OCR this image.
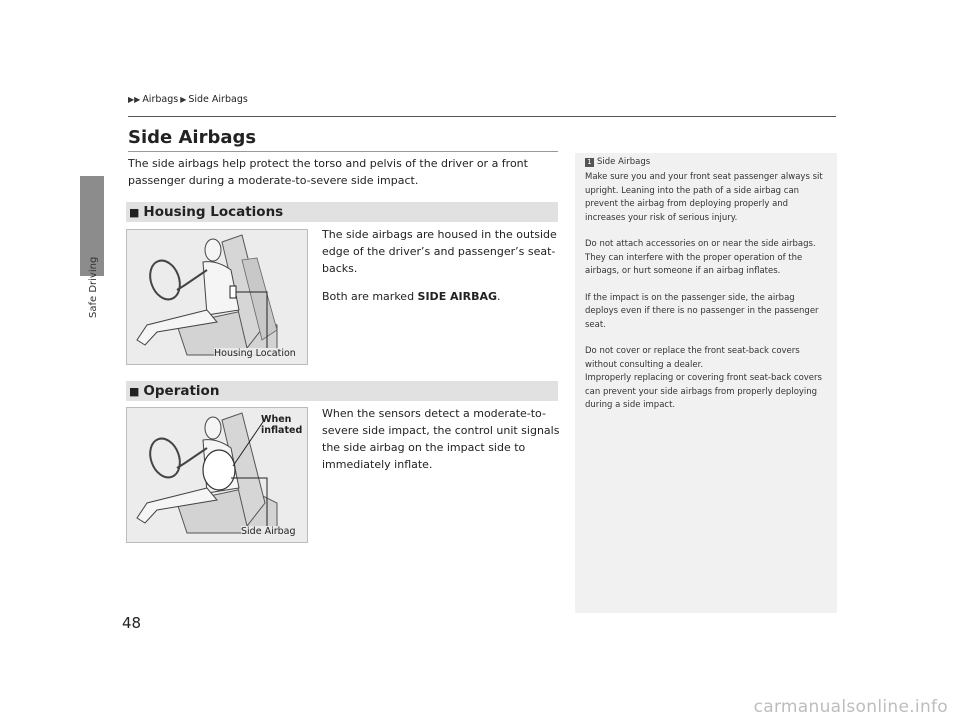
Safe Driving
▶▶ Airbags ▶ Side Airbags
Side Airbags

The side airbags help protect the torso and pelvis of the driver or a front passenger during a moderate-to-severe side impact.

■ Housing Locations
Housing Location

The side airbags are housed in the outside edge of the driver’s and passenger’s seat-backs.

Both are marked SIDE AIRBAG.

■ Operation
When inflated
Side Airbag

When the sensors detect a moderate-to-severe side impact, the control unit signals the side airbag on the impact side to immediately inflate.

1 Side Airbags

Make sure you and your front seat passenger always sit upright. Leaning into the path of a side airbag can prevent the airbag from deploying properly and increases your risk of serious injury.

Do not attach accessories on or near the side airbags. They can interfere with the proper operation of the airbags, or hurt someone if an airbag inflates.

If the impact is on the passenger side, the airbag deploys even if there is no passenger in the passenger seat.

Do not cover or replace the front seat-back covers without consulting a dealer.
Improperly replacing or covering front seat-back covers can prevent your side airbags from properly deploying during a side impact.

48
carmanualsonline.info
